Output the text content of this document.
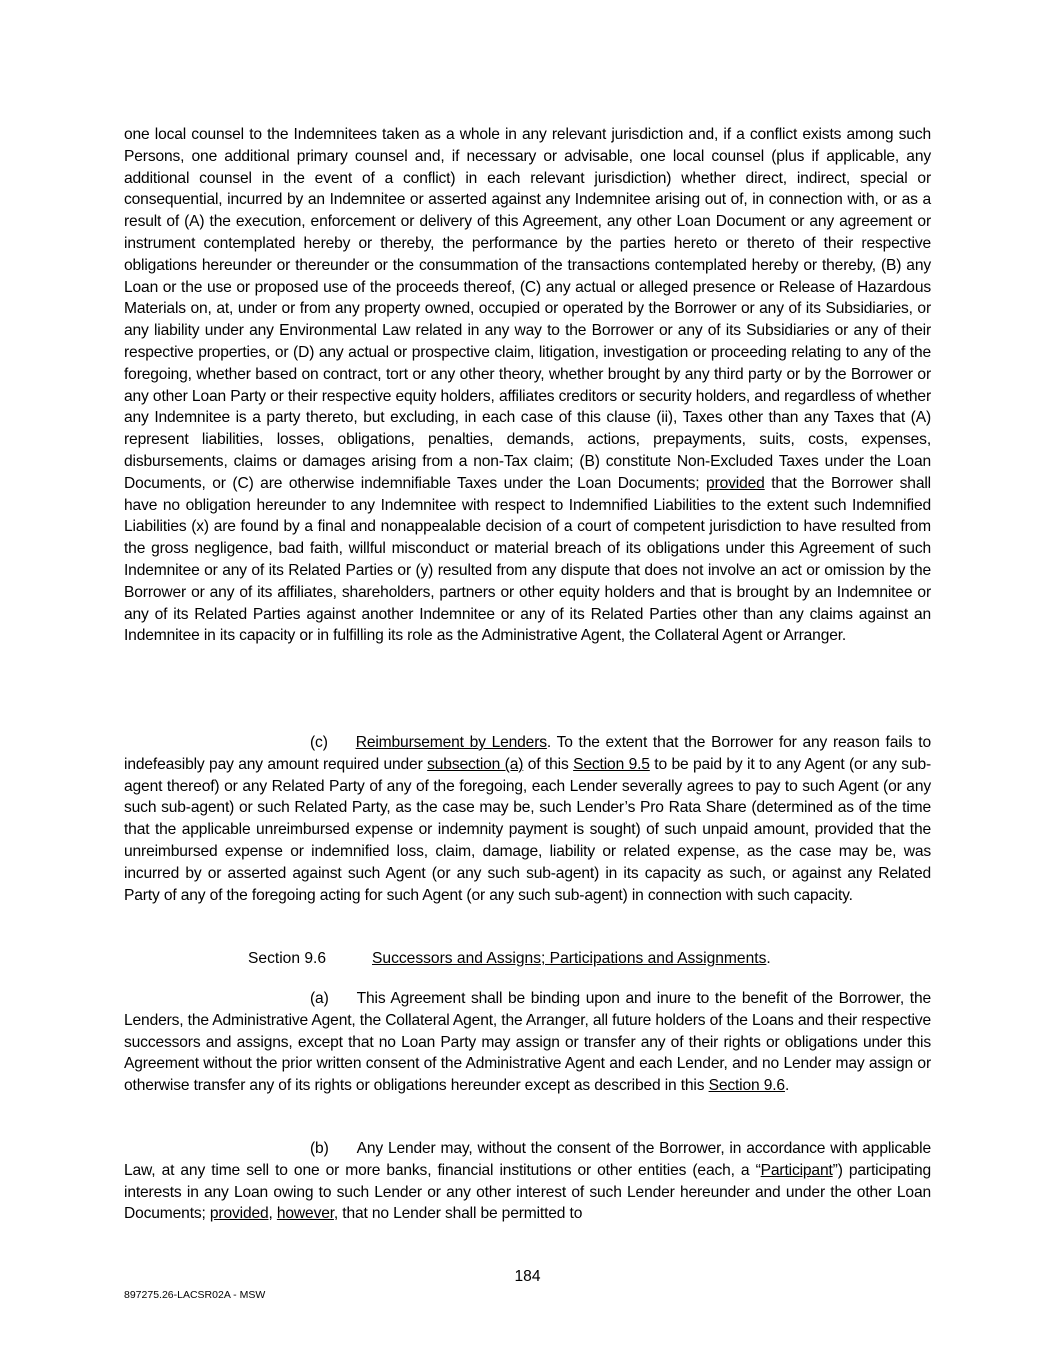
one local counsel to the Indemnitees taken as a whole in any relevant jurisdiction and, if a conflict exists among such Persons, one additional primary counsel and, if necessary or advisable, one local counsel (plus if applicable, any additional counsel in the event of a conflict) in each relevant jurisdiction) whether direct, indirect, special or consequential, incurred by an Indemnitee or asserted against any Indemnitee arising out of, in connection with, or as a result of (A) the execution, enforcement or delivery of this Agreement, any other Loan Document or any agreement or instrument contemplated hereby or thereby, the performance by the parties hereto or thereto of their respective obligations hereunder or thereunder or the consummation of the transactions contemplated hereby or thereby, (B) any Loan or the use or proposed use of the proceeds thereof, (C) any actual or alleged presence or Release of Hazardous Materials on, at, under or from any property owned, occupied or operated by the Borrower or any of its Subsidiaries, or any liability under any Environmental Law related in any way to the Borrower or any of its Subsidiaries or any of their respective properties, or (D) any actual or prospective claim, litigation, investigation or proceeding relating to any of the foregoing, whether based on contract, tort or any other theory, whether brought by any third party or by the Borrower or any other Loan Party or their respective equity holders, affiliates creditors or security holders, and regardless of whether any Indemnitee is a party thereto, but excluding, in each case of this clause (ii), Taxes other than any Taxes that (A) represent liabilities, losses, obligations, penalties, demands, actions, prepayments, suits, costs, expenses, disbursements, claims or damages arising from a non-Tax claim; (B) constitute Non-Excluded Taxes under the Loan Documents, or (C) are otherwise indemnifiable Taxes under the Loan Documents; provided that the Borrower shall have no obligation hereunder to any Indemnitee with respect to Indemnified Liabilities to the extent such Indemnified Liabilities (x) are found by a final and nonappealable decision of a court of competent jurisdiction to have resulted from the gross negligence, bad faith, willful misconduct or material breach of its obligations under this Agreement of such Indemnitee or any of its Related Parties or (y) resulted from any dispute that does not involve an act or omission by the Borrower or any of its affiliates, shareholders, partners or other equity holders and that is brought by an Indemnitee or any of its Related Parties against another Indemnitee or any of its Related Parties other than any claims against an Indemnitee in its capacity or in fulfilling its role as the Administrative Agent, the Collateral Agent or Arranger.
(c) Reimbursement by Lenders. To the extent that the Borrower for any reason fails to indefeasibly pay any amount required under subsection (a) of this Section 9.5 to be paid by it to any Agent (or any sub-agent thereof) or any Related Party of any of the foregoing, each Lender severally agrees to pay to such Agent (or any such sub-agent) or such Related Party, as the case may be, such Lender’s Pro Rata Share (determined as of the time that the applicable unreimbursed expense or indemnity payment is sought) of such unpaid amount, provided that the unreimbursed expense or indemnified loss, claim, damage, liability or related expense, as the case may be, was incurred by or asserted against such Agent (or any such sub-agent) in its capacity as such, or against any Related Party of any of the foregoing acting for such Agent (or any such sub-agent) in connection with such capacity.
Section 9.6	Successors and Assigns; Participations and Assignments.
(a) This Agreement shall be binding upon and inure to the benefit of the Borrower, the Lenders, the Administrative Agent, the Collateral Agent, the Arranger, all future holders of the Loans and their respective successors and assigns, except that no Loan Party may assign or transfer any of their rights or obligations under this Agreement without the prior written consent of the Administrative Agent and each Lender, and no Lender may assign or otherwise transfer any of its rights or obligations hereunder except as described in this Section 9.6.
(b) Any Lender may, without the consent of the Borrower, in accordance with applicable Law, at any time sell to one or more banks, financial institutions or other entities (each, a “Participant”) participating interests in any Loan owing to such Lender or any other interest of such Lender hereunder and under the other Loan Documents; provided, however, that no Lender shall be permitted to
184
897275.26-LACSR02A - MSW
